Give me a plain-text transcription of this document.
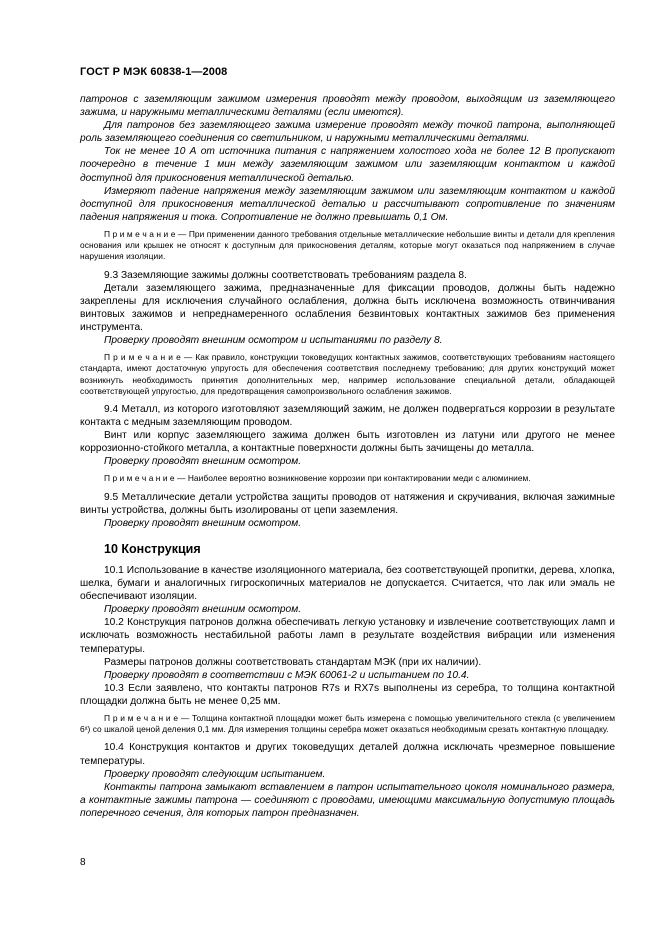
ГОСТ Р МЭК 60838-1—2008

патронов с заземляющим зажимом измерения проводят между проводом, выходящим из заземляющего зажима, и наружными металлическими деталями (если имеются).

Для патронов без заземляющего зажима измерение проводят между точкой патрона, выполняющей роль заземляющего соединения со светильником, и наружными металлическими деталями.

Ток не менее 10 А от источника питания с напряжением холостого хода не более 12 В пропускают поочередно в течение 1 мин между заземляющим зажимом или заземляющим контактом и каждой доступной для прикосновения металлической деталью.

Измеряют падение напряжения между заземляющим зажимом или заземляющим контактом и каждой доступной для прикосновения металлической деталью и рассчитывают сопротивление по значениям падения напряжения и тока. Сопротивление не должно превышать 0,1 Ом.

П р и м е ч а н и е — При применении данного требования отдельные металлические небольшие винты и детали для крепления основания или крышек не относят к доступным для прикосновения деталям, которые могут оказаться под напряжением в случае нарушения изоляции.

9.3 Заземляющие зажимы должны соответствовать требованиям раздела 8.

Детали заземляющего зажима, предназначенные для фиксации проводов, должны быть надежно закреплены для исключения случайного ослабления, должна быть исключена возможность отвинчивания винтовых зажимов и непреднамеренного ослабления безвинтовых контактных зажимов без применения инструмента.

Проверку проводят внешним осмотром и испытаниями по разделу 8.

П р и м е ч а н и е — Как правило, конструкции токоведущих контактных зажимов, соответствующих требованиям настоящего стандарта, имеют достаточную упругость для обеспечения соответствия последнему требованию; для других конструкций может возникнуть необходимость принятия дополнительных мер, например использование специальной детали, обладающей соответствующей упругостью, для предотвращения самопроизвольного ослабления зажимов.

9.4 Металл, из которого изготовляют заземляющий зажим, не должен подвергаться коррозии в результате контакта с медным заземляющим проводом.

Винт или корпус заземляющего зажима должен быть изготовлен из латуни или другого не менее коррозионно-стойкого металла, а контактные поверхности должны быть зачищены до металла.

Проверку проводят внешним осмотром.

П р и м е ч а н и е — Наиболее вероятно возникновение коррозии при контактировании меди с алюминием.

9.5 Металлические детали устройства защиты проводов от натяжения и скручивания, включая зажимные винты устройства, должны быть изолированы от цепи заземления.

Проверку проводят внешним осмотром.

10 Конструкция

10.1 Использование в качестве изоляционного материала, без соответствующей пропитки, дерева, хлопка, шелка, бумаги и аналогичных гигроскопичных материалов не допускается. Считается, что лак или эмаль не обеспечивают изоляции.

Проверку проводят внешним осмотром.

10.2 Конструкция патронов должна обеспечивать легкую установку и извлечение соответствующих ламп и исключать возможность нестабильной работы ламп в результате воздействия вибрации или изменения температуры.

Размеры патронов должны соответствовать стандартам МЭК (при их наличии).

Проверку проводят в соответствии с МЭК 60061-2 и испытанием по 10.4.

10.3 Если заявлено, что контакты патронов R7s и RX7s выполнены из серебра, то толщина контактной площадки должна быть не менее 0,25 мм.

П р и м е ч а н и е — Толщина контактной площадки может быть измерена с помощью увеличительного стекла (с увеличением 6ˣ) со шкалой ценой деления 0,1 мм. Для измерения толщины серебра может оказаться необходимым срезать контактную площадку.

10.4 Конструкция контактов и других токоведущих деталей должна исключать чрезмерное повышение температуры.

Проверку проводят следующим испытанием.

Контакты патрона замыкают вставлением в патрон испытательного цоколя номинального размера, а контактные зажимы патрона — соединяют с проводами, имеющими максимальную допустимую площадь поперечного сечения, для которых патрон предназначен.

8
